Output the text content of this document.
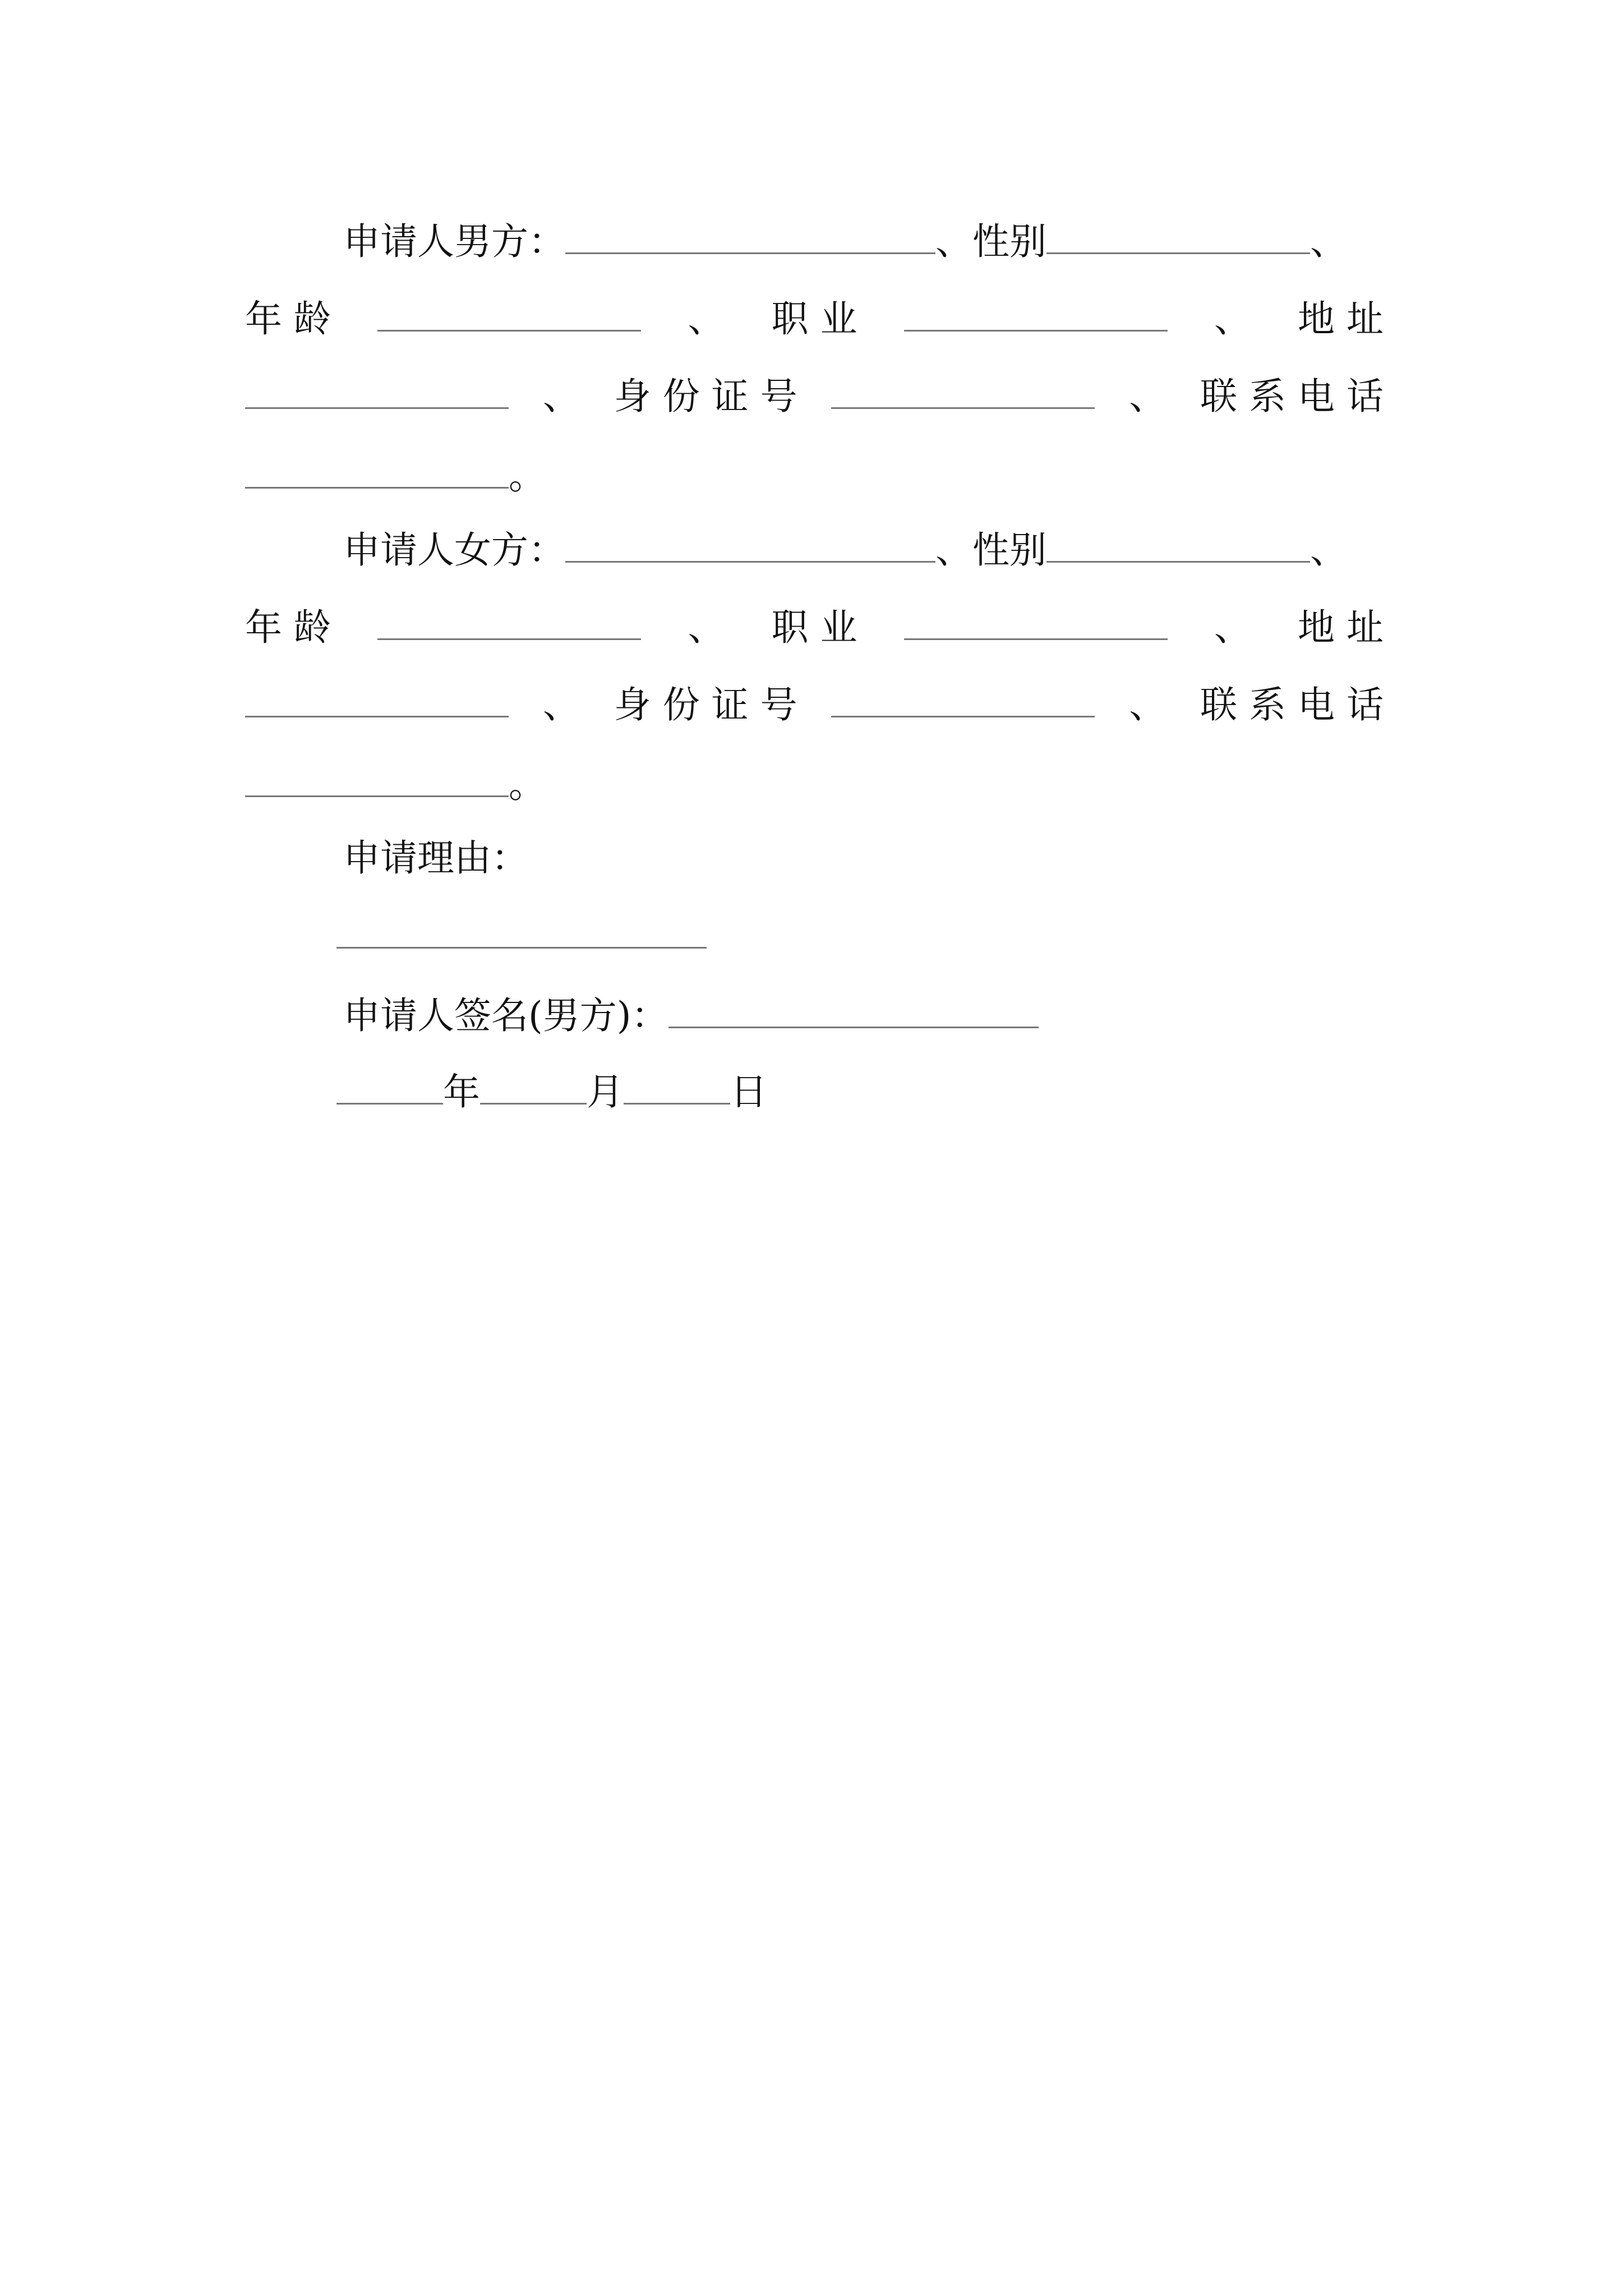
申请人男方：	、性别	、
年 龄	、 职 业	、 地 址
、 身 份 证 号	、 联 系 电 话
。
申请人女方：	、性别	、
年 龄	、 职 业	、 地 址
、 身 份 证 号	、 联 系 电 话
。
申请理由：
申请人签名(男方)：
年	月	日
